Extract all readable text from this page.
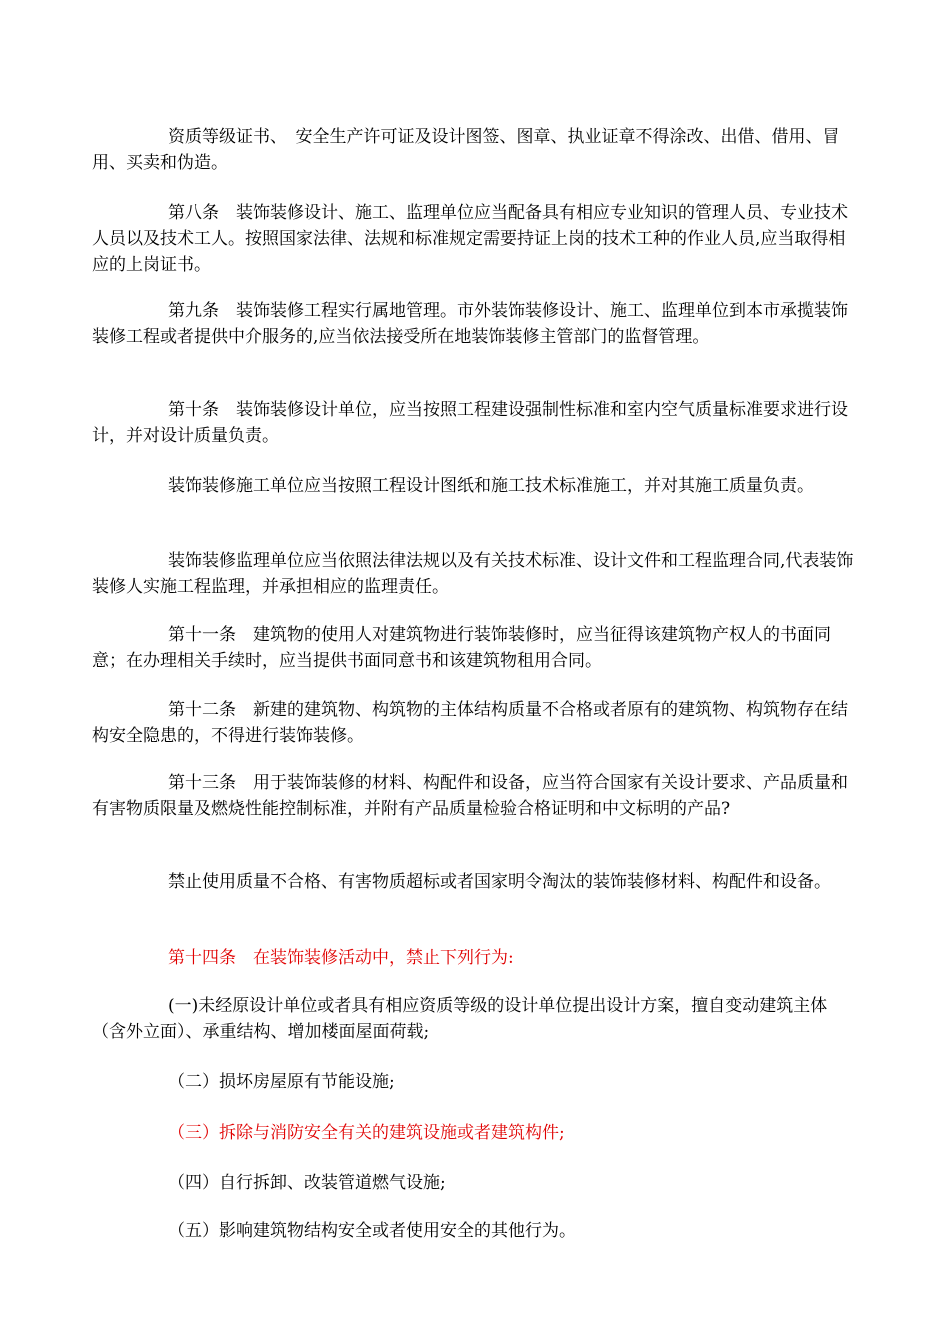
资质等级证书、　安全生产许可证及设计图签、图章、执业证章不得涂改、出借、借用、冒用、买卖和伪造。

第八条　装饰装修设计、施工、监理单位应当配备具有相应专业知识的管理人员、专业技术人员以及技术工人。按照国家法律、法规和标准规定需要持证上岗的技术工种的作业人员,应当取得相应的上岗证书。

第九条　装饰装修工程实行属地管理。市外装饰装修设计、施工、监理单位到本市承揽装饰装修工程或者提供中介服务的,应当依法接受所在地装饰装修主管部门的监督管理。

第十条　装饰装修设计单位，应当按照工程建设强制性标准和室内空气质量标准要求进行设计，并对设计质量负责。

装饰装修施工单位应当按照工程设计图纸和施工技术标准施工，并对其施工质量负责。

装饰装修监理单位应当依照法律法规以及有关技术标准、设计文件和工程监理合同,代表装饰装修人实施工程监理，并承担相应的监理责任。

第十一条　建筑物的使用人对建筑物进行装饰装修时，应当征得该建筑物产权人的书面同意；在办理相关手续时，应当提供书面同意书和该建筑物租用合同。

第十二条　新建的建筑物、构筑物的主体结构质量不合格或者原有的建筑物、构筑物存在结构安全隐患的，不得进行装饰装修。

第十三条　用于装饰装修的材料、构配件和设备，应当符合国家有关设计要求、产品质量和有害物质限量及燃烧性能控制标准，并附有产品质量检验合格证明和中文标明的产品?

禁止使用质量不合格、有害物质超标或者国家明令淘汰的装饰装修材料、构配件和设备。

第十四条　在装饰装修活动中，禁止下列行为:

(一)未经原设计单位或者具有相应资质等级的设计单位提出设计方案，擅自变动建筑主体（含外立面）、承重结构、增加楼面屋面荷载;

（二）损坏房屋原有节能设施;

（三）拆除与消防安全有关的建筑设施或者建筑构件;

（四）自行拆卸、改装管道燃气设施;

（五）影响建筑物结构安全或者使用安全的其他行为。
